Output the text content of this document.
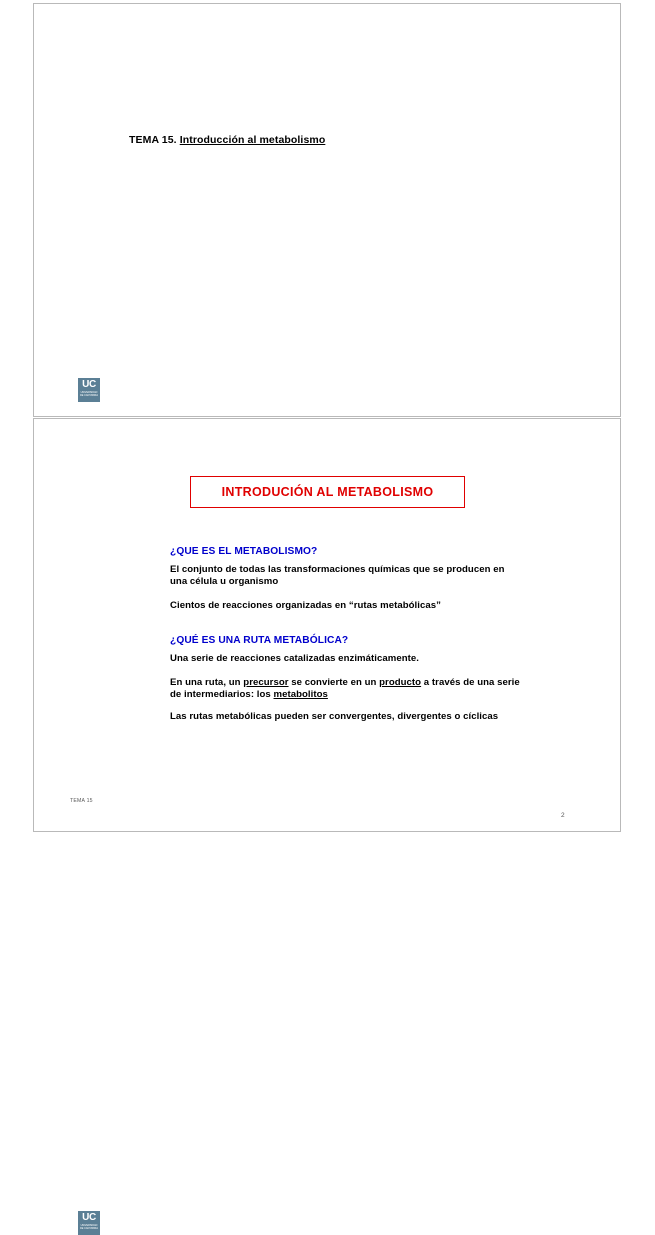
TEMA 15. Introducción al metabolismo
UC
UNIVERSIDAD
DE CANTABRIA
INTRODUCIÓN AL METABOLISMO

¿QUE ES EL METABOLISMO?

El conjunto de todas las transformaciones químicas que se producen en una célula u organismo

Cientos de reacciones organizadas en “rutas metabólicas”

¿QUÉ ES UNA RUTA METABÓLICA?

Una serie de reacciones catalizadas enzimáticamente.

En una ruta, un precursor se convierte en un producto a través de una serie de intermediarios: los metabolitos

Las rutas metabólicas pueden ser convergentes, divergentes o cíclicas

UC
UNIVERSIDAD
DE CANTABRIA
TEMA 15
2
